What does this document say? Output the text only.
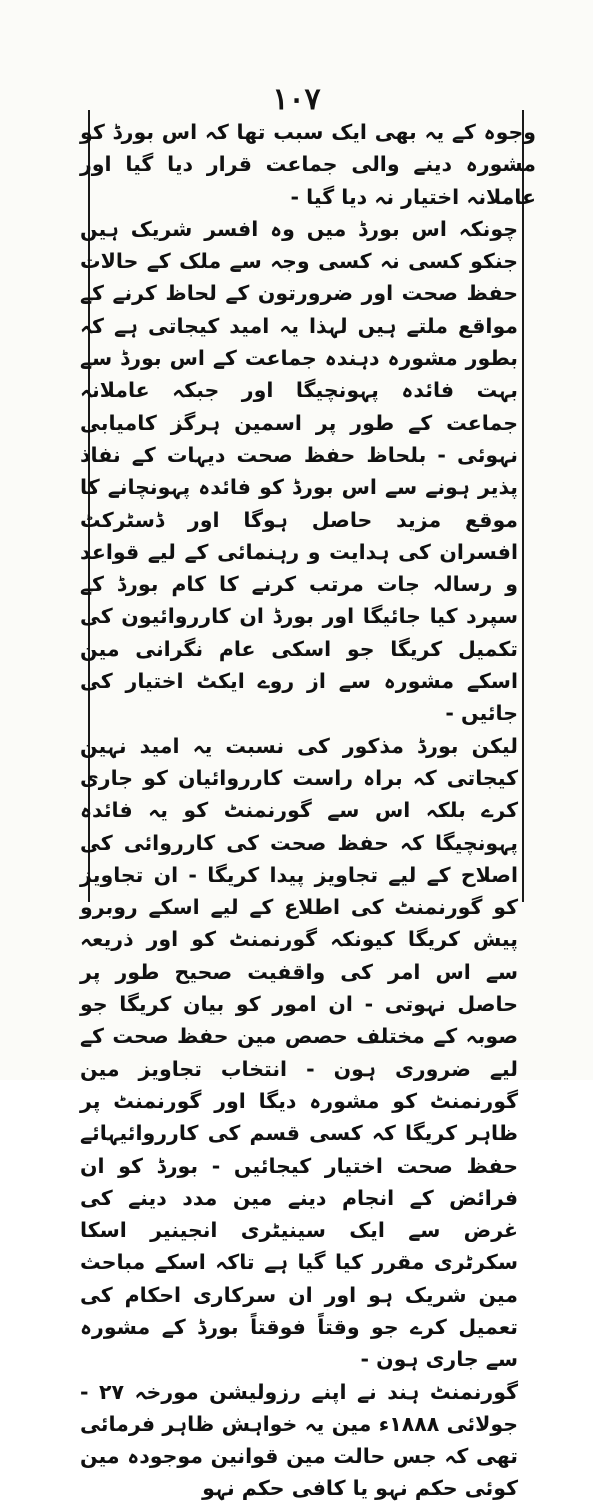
۱۰۷

وجوہ کے یہ بھی ایک سبب تھا کہ اس بورڈ کو مشورہ دینے والی جماعت قرار دیا گیا اور عاملانہ اختیار نہ دیا گیا -

چونکہ اس بورڈ میں وہ افسر شریک ہیں جنکو کسی نہ کسی وجہ سے ملک کے حالات حفظ صحت اور ضرورتون کے لحاظ کرنے کے مواقع ملتے ہیں لہذا یہ امید کیجاتی ہے کہ بطور مشورہ دہندہ جماعت کے اس بورڈ سے بہت فائدہ پہونچیگا اور جبکہ عاملانہ جماعت کے طور پر اسمین ہرگز کامیابی نہوئی - بلحاظ حفظ صحت دیہات کے نفاذ پذیر ہونے سے اس بورڈ کو فائدہ پہونچانے کا موقع مزید حاصل ہوگا اور ڈسٹرکٹ افسران کی ہدایت و رہنمائی کے لیے قواعد و رسالہ جات مرتب کرنے کا کام بورڈ کے سپرد کیا جائیگا اور بورڈ ان کارروائیون کی تکمیل کریگا جو اسکی عام نگرانی مین اسکے مشورہ سے از روے ایکٹ اختیار کی جائیں -

لیکن بورڈ مذکور کی نسبت یہ امید نہین کیجاتی کہ براہ راست کارروائیان کو جاری کرے بلکہ اس سے گورنمنٹ کو یہ فائدہ پہونچیگا کہ حفظ صحت کی کارروائی کی اصلاح کے لیے تجاویز پیدا کریگا - ان تجاویز کو گورنمنٹ کی اطلاع کے لیے اسکے روبرو پیش کریگا کیونکہ گورنمنٹ کو اور ذریعہ سے اس امر کی واقفیت صحیح طور پر حاصل نہوتی - ان امور کو بیان کریگا جو صوبہ کے مختلف حصص مین حفظ صحت کے لیے ضروری ہون - انتخاب تجاویز مین گورنمنٹ کو مشورہ دیگا اور گورنمنٹ پر ظاہر کریگا کہ کسی قسم کی کارروائیہائے حفظ صحت اختیار کیجائیں - بورڈ کو ان فرائض کے انجام دینے مین مدد دینے کی غرض سے ایک سینیٹری انجینیر اسکا سکرٹری مقرر کیا گیا ہے تاکہ اسکے مباحث مین شریک ہو اور ان سرکاری احکام کی تعمیل کرے جو وقتاً فوقتاً بورڈ کے مشورہ سے جاری ہون -

گورنمنٹ ہند نے اپنے رزولیشن مورخہ ۲۷ - جولائی ۱۸۸۸ء مین یہ خواہش ظاہر فرمائی تھی کہ جس حالت مین قوانین موجودہ مین کوئی حکم نہو یا کافی حکم نہو
